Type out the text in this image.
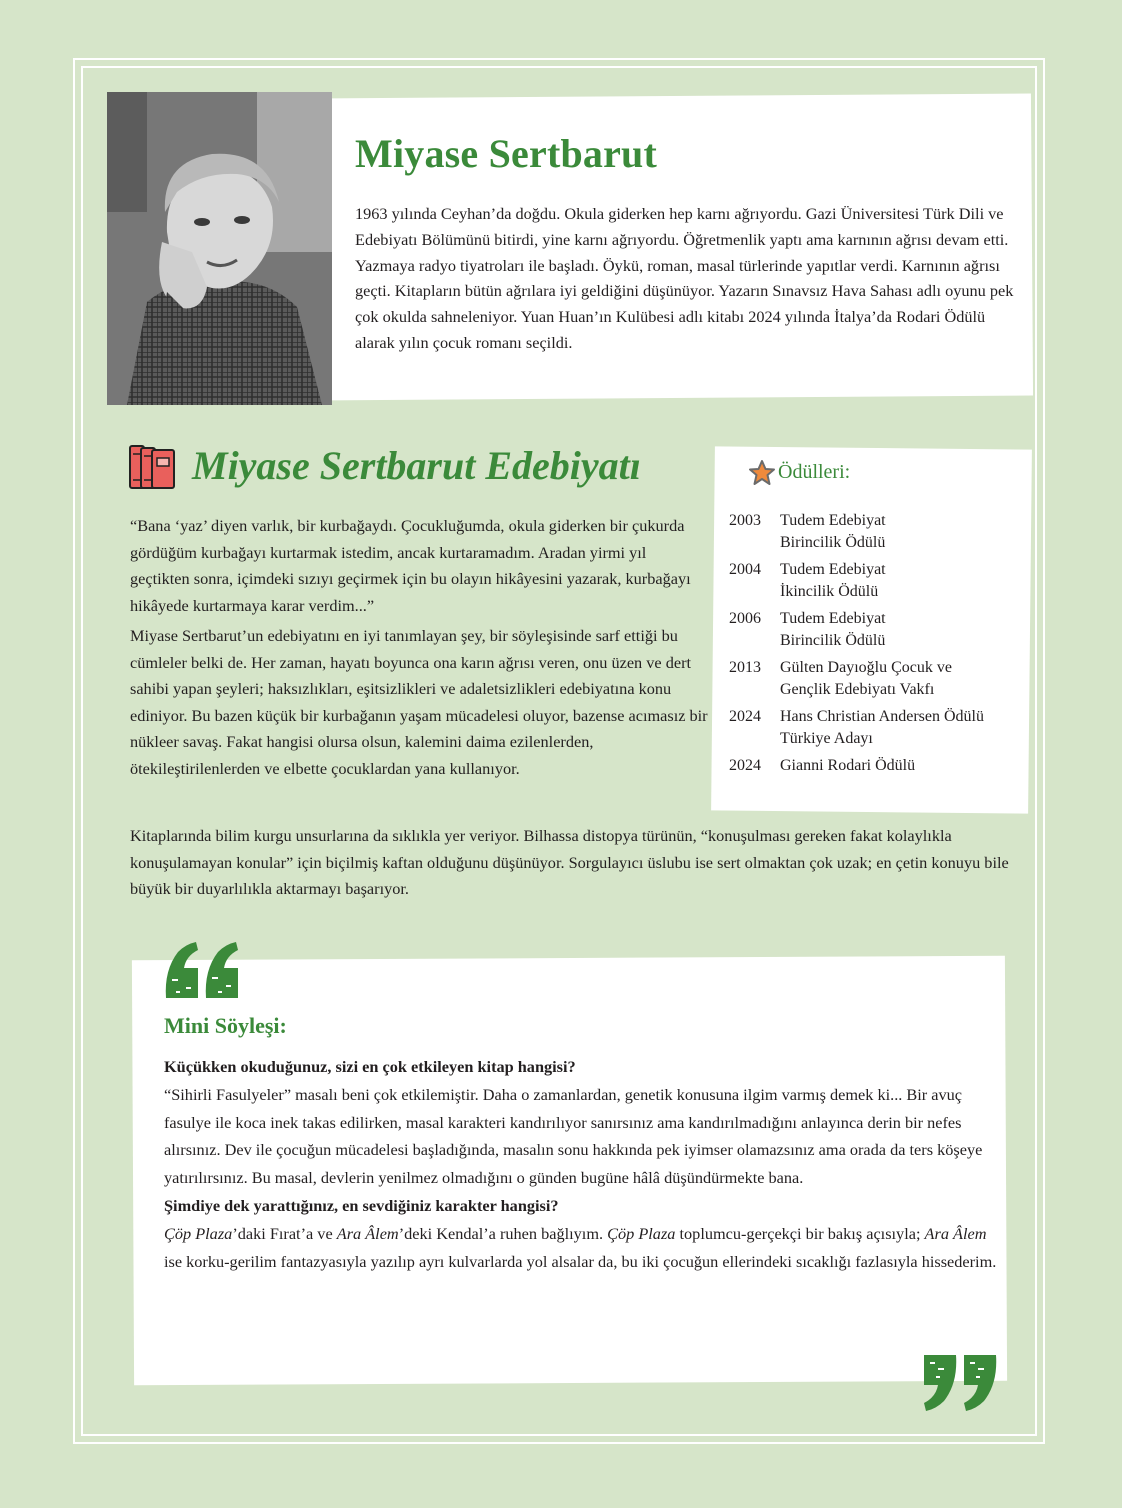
Miyase Sertbarut

1963 yılında Ceyhan’da doğdu. Okula giderken hep karnı ağrıyordu. Gazi Üniversitesi Türk Dili ve Edebiyatı Bölümünü bitirdi, yine karnı ağrıyordu. Öğretmenlik yaptı ama karnının ağrısı devam etti. Yazmaya radyo tiyatroları ile başladı. Öykü, roman, masal türlerinde yapıtlar verdi. Karnının ağrısı geçti. Kitapların bütün ağrılara iyi geldiğini düşünüyor. Yazarın Sınavsız Hava Sahası adlı oyunu pek çok okulda sahneleniyor. Yuan Huan’ın Kulübesi adlı kitabı 2024 yılında İtalya’da Rodari Ödülü alarak yılın çocuk romanı seçildi.

Miyase Sertbarut Edebiyatı

“Bana ‘yaz’ diyen varlık, bir kurbağaydı. Çocukluğumda, okula giderken bir çukurda gördüğüm kurbağayı kurtarmak istedim, ancak kurtaramadım. Aradan yirmi yıl geçtikten sonra, içimdeki sızıyı geçirmek için bu olayın hikâyesini yazarak, kurbağayı hikâyede kurtarmaya karar verdim...”

Miyase Sertbarut’un edebiyatını en iyi tanımlayan şey, bir söyleşisinde sarf ettiği bu cümleler belki de. Her zaman, hayatı boyunca ona karın ağrısı veren, onu üzen ve dert sahibi yapan şeyleri; haksızlıkları, eşitsizlikleri ve adaletsizlikleri edebiyatına konu ediniyor. Bu bazen küçük bir kurbağanın yaşam mücadelesi oluyor, bazense acımasız bir nükleer savaş. Fakat hangisi olursa olsun, kalemini daima ezilenlerden, ötekileştirilenlerden ve elbette çocuklardan yana kullanıyor.

Ödülleri:
2003	Tudem Edebiyat
Birincilik Ödülü
2004	Tudem Edebiyat
İkincilik Ödülü
2006	Tudem Edebiyat
Birincilik Ödülü
2013	Gülten Dayıoğlu Çocuk ve
Gençlik Edebiyatı Vakfı
2024	Hans Christian Andersen Ödülü
Türkiye Adayı
2024	Gianni Rodari Ödülü

Kitaplarında bilim kurgu unsurlarına da sıklıkla yer veriyor. Bilhassa distopya türünün, “konuşulması gereken fakat kolaylıkla konuşulamayan konular” için biçilmiş kaftan olduğunu düşünüyor. Sorgulayıcı üslubu ise sert olmaktan çok uzak; en çetin konuyu bile büyük bir duyarlılıkla aktarmayı başarıyor.

Mini Söyleşi:

Küçükken okuduğunuz, sizi en çok etkileyen kitap hangisi?

“Sihirli Fasulyeler” masalı beni çok etkilemiştir. Daha o zamanlardan, genetik konusuna ilgim varmış demek ki... Bir avuç fasulye ile koca inek takas edilirken, masal karakteri kandırılıyor sanırsınız ama kandırılmadığını anlayınca derin bir nefes alırsınız. Dev ile çocuğun mücadelesi başladığında, masalın sonu hakkında pek iyimser olamazsınız ama orada da ters köşeye yatırılırsınız. Bu masal, devlerin yenilmez olmadığını o günden bugüne hâlâ düşündürmekte bana.

Şimdiye dek yarattığınız, en sevdiğiniz karakter hangisi?

Çöp Plaza’daki Fırat’a ve Ara Âlem’deki Kendal’a ruhen bağlıyım. Çöp Plaza toplumcu-gerçekçi bir bakış açısıyla; Ara Âlem ise korku-gerilim fantazyasıyla yazılıp ayrı kulvarlarda yol alsalar da, bu iki çocuğun ellerindeki sıcaklığı fazlasıyla hissederim.
